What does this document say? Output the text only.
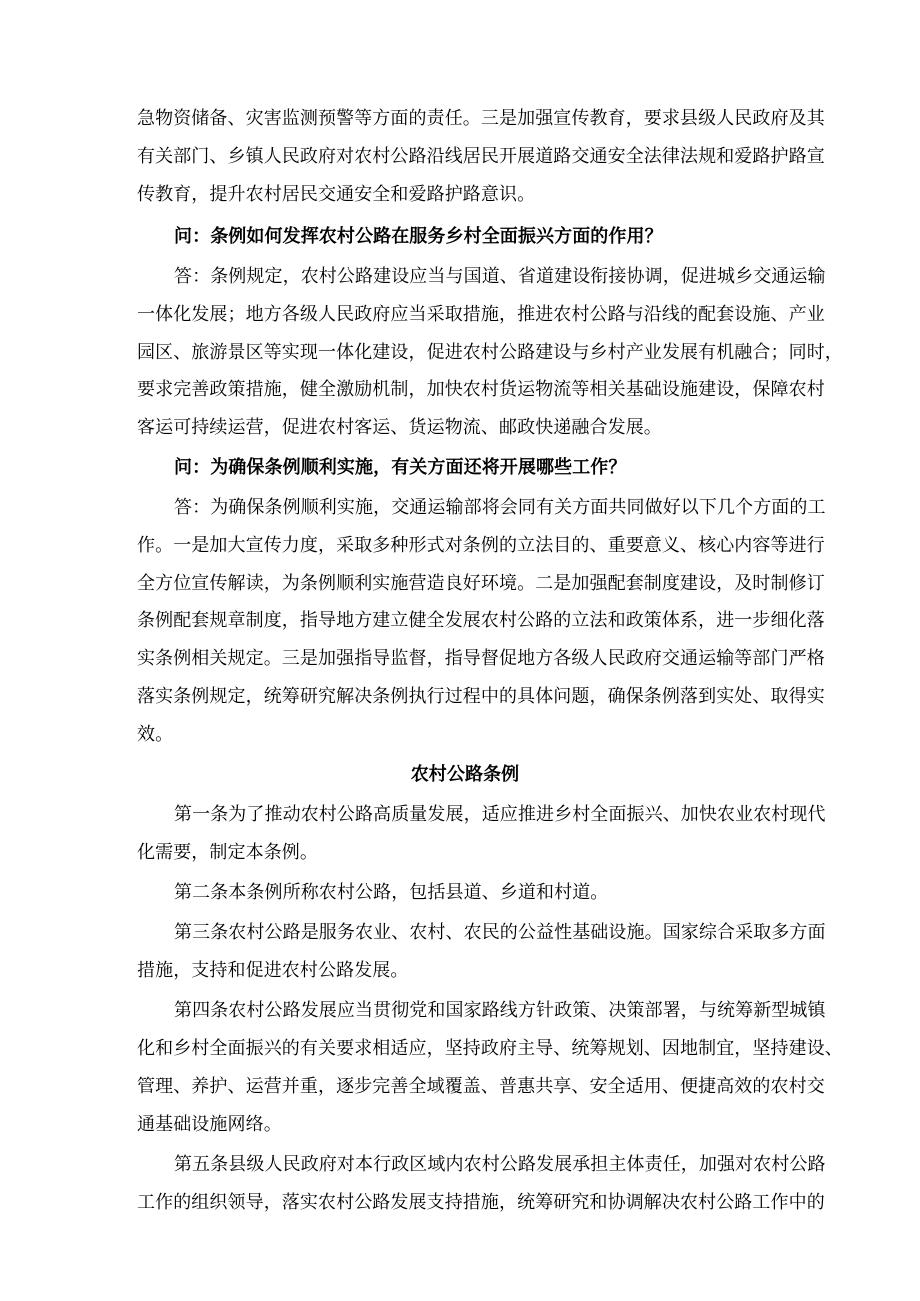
急物资储备、灾害监测预警等方面的责任。三是加强宣传教育，要求县级人民政府及其
有关部门、乡镇人民政府对农村公路沿线居民开展道路交通安全法律法规和爱路护路宣
传教育，提升农村居民交通安全和爱路护路意识。
问：条例如何发挥农村公路在服务乡村全面振兴方面的作用？
答：条例规定，农村公路建设应当与国道、省道建设衔接协调，促进城乡交通运输
一体化发展；地方各级人民政府应当采取措施，推进农村公路与沿线的配套设施、产业
园区、旅游景区等实现一体化建设，促进农村公路建设与乡村产业发展有机融合；同时，
要求完善政策措施，健全激励机制，加快农村货运物流等相关基础设施建设，保障农村
客运可持续运营，促进农村客运、货运物流、邮政快递融合发展。
问：为确保条例顺利实施，有关方面还将开展哪些工作？
答：为确保条例顺利实施，交通运输部将会同有关方面共同做好以下几个方面的工
作。一是加大宣传力度，采取多种形式对条例的立法目的、重要意义、核心内容等进行
全方位宣传解读，为条例顺利实施营造良好环境。二是加强配套制度建设，及时制修订
条例配套规章制度，指导地方建立健全发展农村公路的立法和政策体系，进一步细化落
实条例相关规定。三是加强指导监督，指导督促地方各级人民政府交通运输等部门严格
落实条例规定，统筹研究解决条例执行过程中的具体问题，确保条例落到实处、取得实
效。
农村公路条例
第一条为了推动农村公路高质量发展，适应推进乡村全面振兴、加快农业农村现代
化需要，制定本条例。
第二条本条例所称农村公路，包括县道、乡道和村道。
第三条农村公路是服务农业、农村、农民的公益性基础设施。国家综合采取多方面
措施，支持和促进农村公路发展。
第四条农村公路发展应当贯彻党和国家路线方针政策、决策部署，与统筹新型城镇
化和乡村全面振兴的有关要求相适应，坚持政府主导、统筹规划、因地制宜，坚持建设、
管理、养护、运营并重，逐步完善全域覆盖、普惠共享、安全适用、便捷高效的农村交
通基础设施网络。
第五条县级人民政府对本行政区域内农村公路发展承担主体责任，加强对农村公路
工作的组织领导，落实农村公路发展支持措施，统筹研究和协调解决农村公路工作中的
